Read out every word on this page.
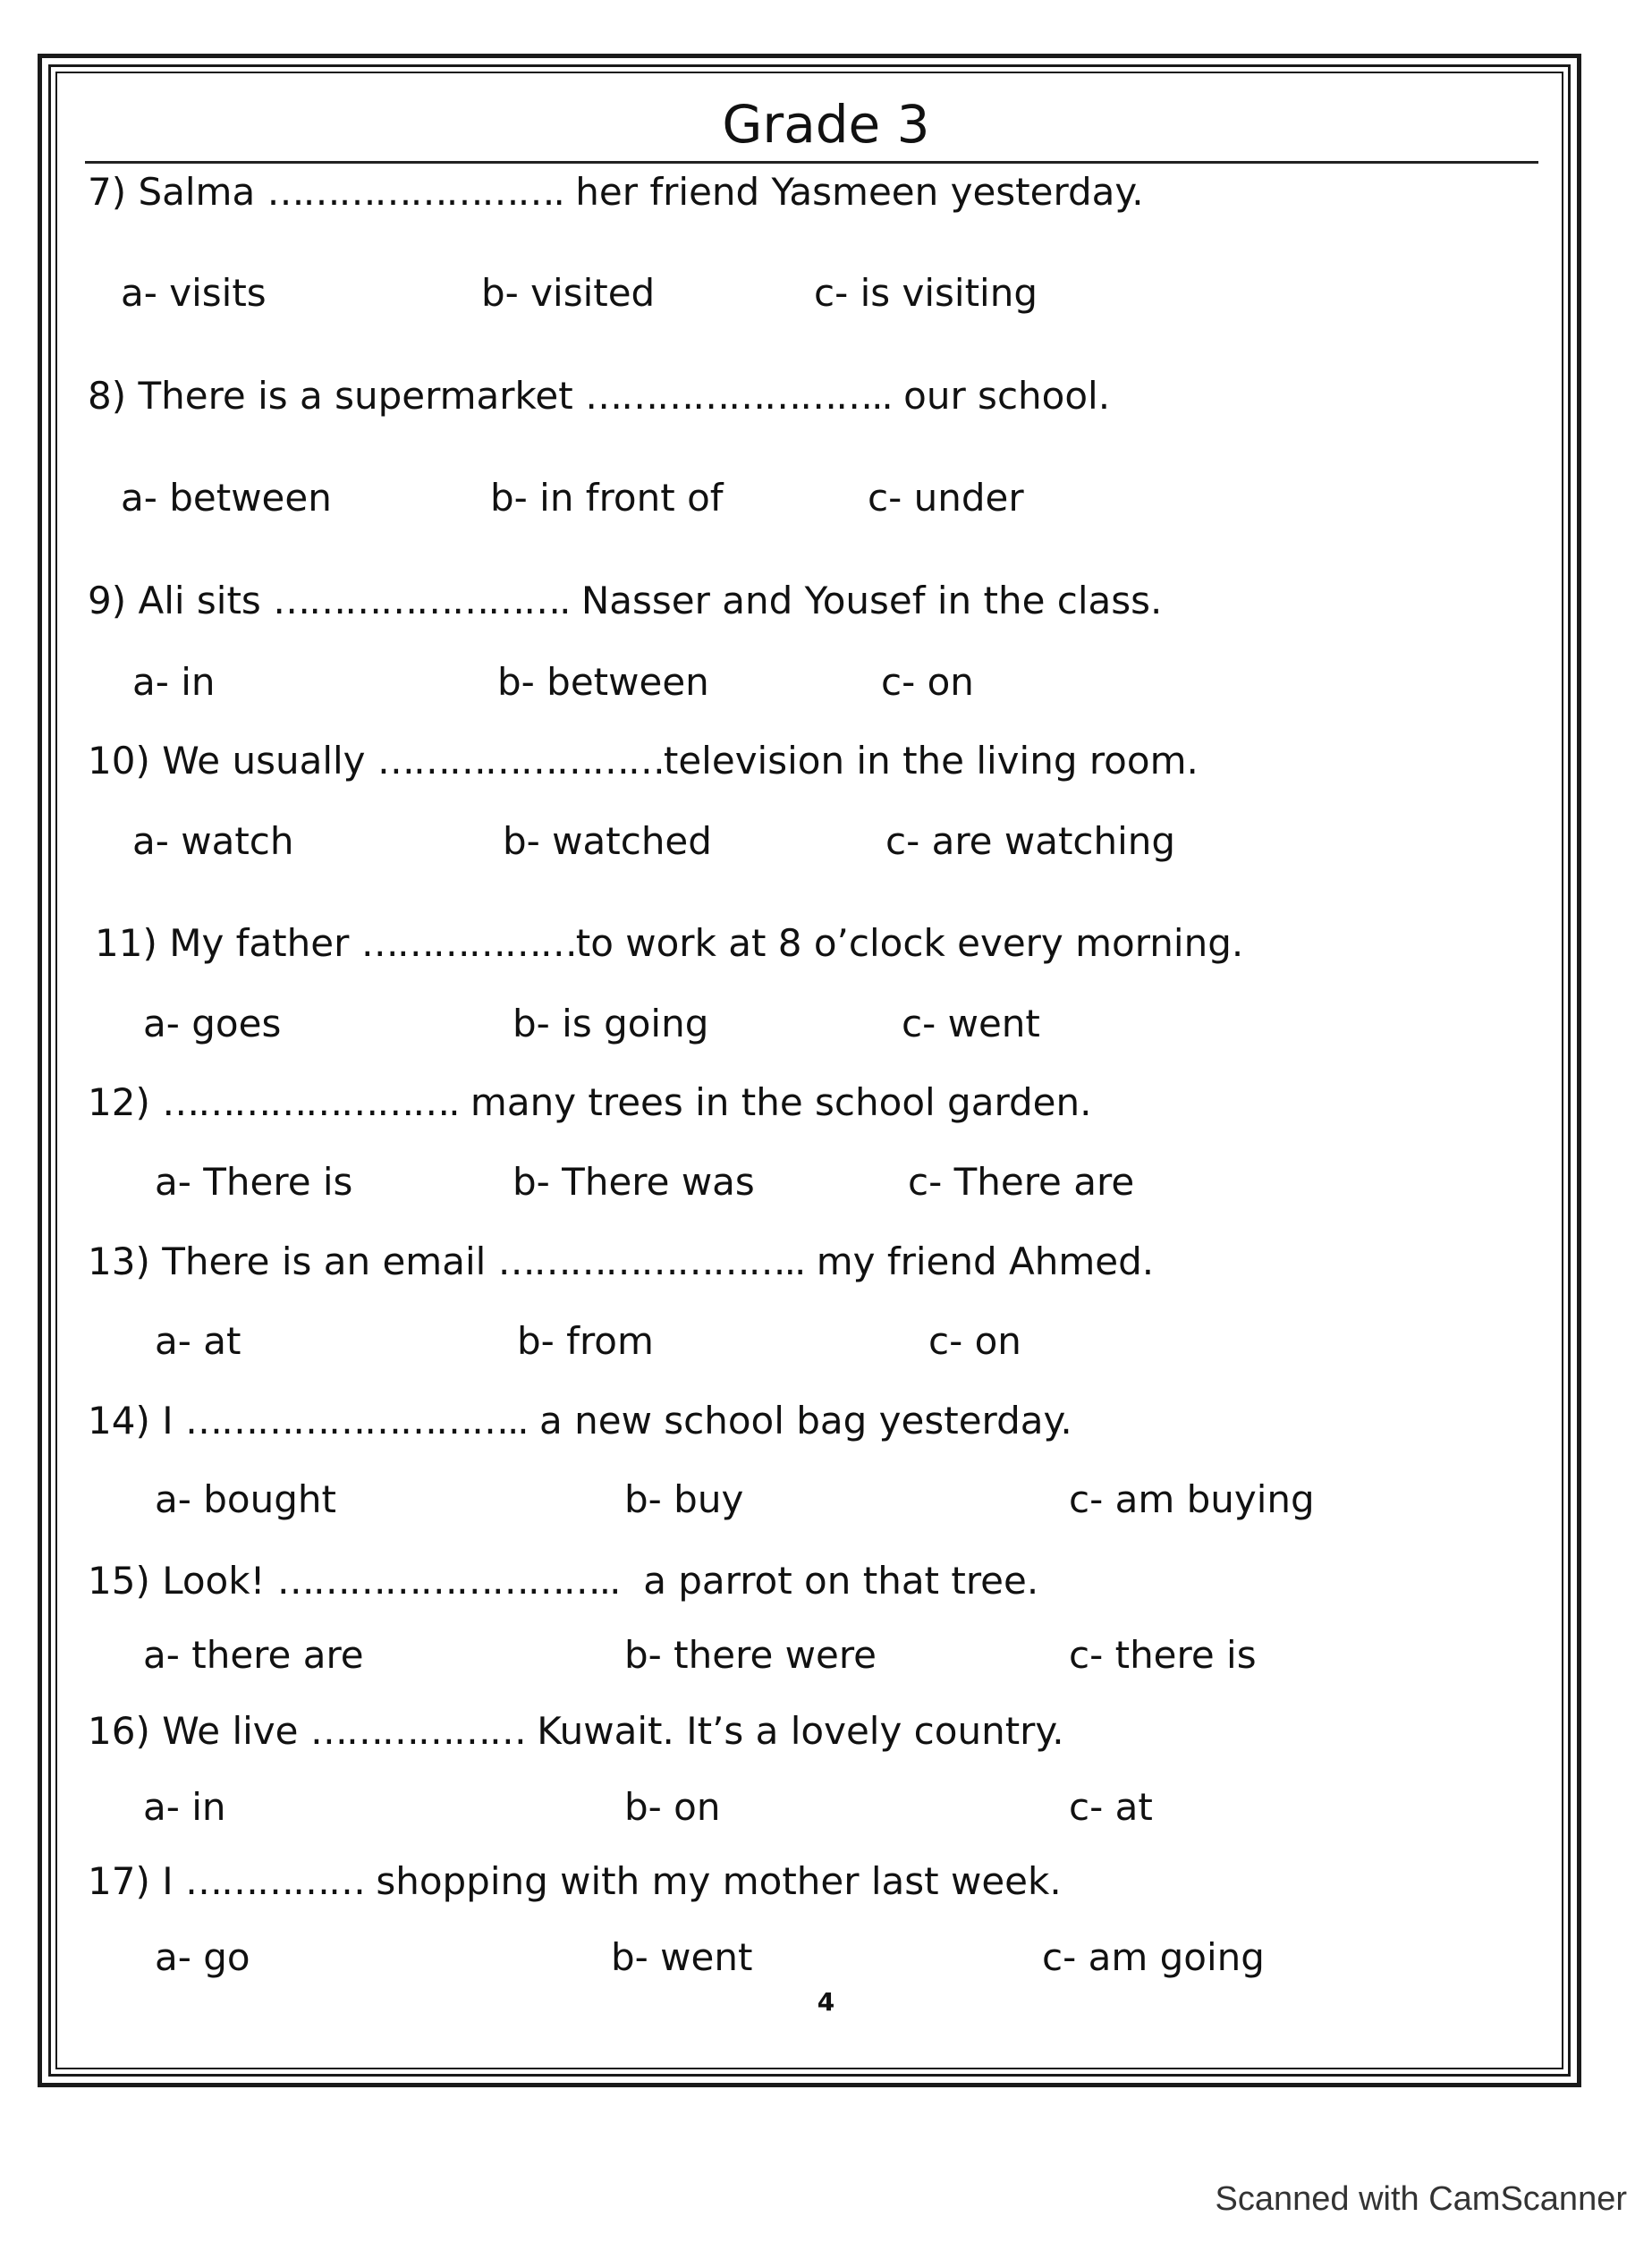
Grade 3
7) Salma ……………………. her friend Yasmeen yesterday.
a- visits	b- visited	c- is visiting
8) There is a supermarket …………………….. our school.
a- between	b- in front of	c- under
9) Ali sits ……………………. Nasser and Yousef in the class.
a- in	b- between	c- on
10) We usually ……………………television in the living room.
a- watch	b- watched	c- are watching
11) My father ………………to work at 8 o’clock every morning.
a- goes	b- is going	c- went
12) ……………………. many trees in the school garden.
a- There is	b- There was	c- There are
13) There is an email …………………….. my friend Ahmed.
a- at	b- from	c- on
14) I ……………………….. a new school bag yesterday.
a- bought	b- buy	c- am buying
15) Look! ……………………….. a parrot on that tree.
a- there are	b- there were	c- there is
16) We live ……………… Kuwait. It’s a lovely country.
a- in	b- on	c- at
17) I …………… shopping with my mother last week.
a- go	b- went	c- am going
4
Scanned with CamScanner
